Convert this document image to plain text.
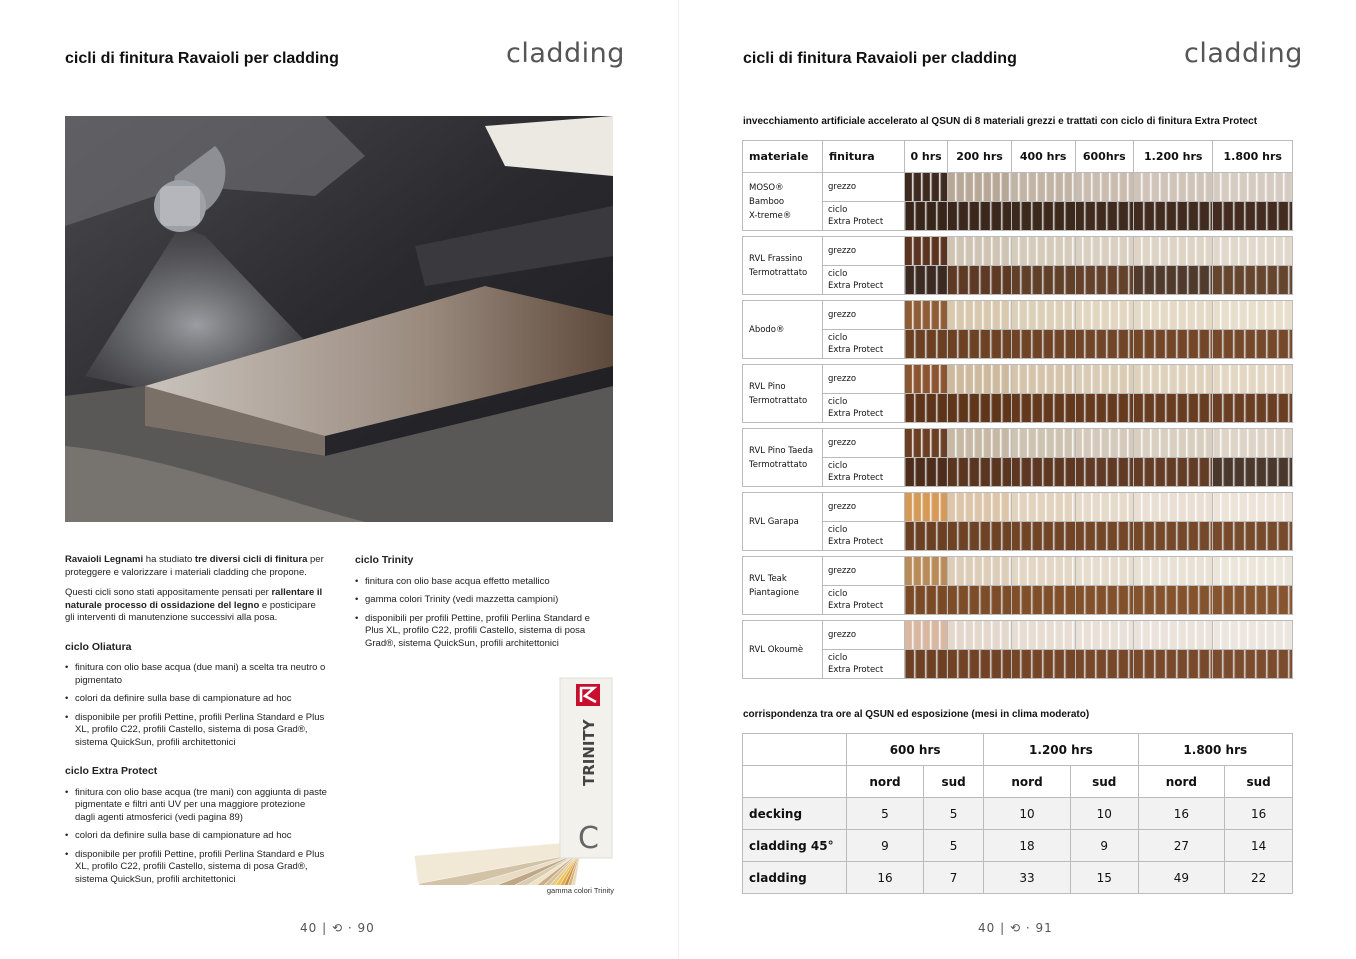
cicli di finitura Ravaioli per cladding	cladding

Ravaioli Legnami ha studiato tre diversi cicli di finitura per proteggere e valorizzare i materiali cladding che propone.

Questi cicli sono stati appositamente pensati per rallentare il naturale processo di ossidazione del legno e posticipare gli interventi di manutenzione successivi alla posa.

ciclo Oliatura
• finitura con olio base acqua (due mani) a scelta tra neutro o pigmentato
• colori da definire sulla base di campionature ad hoc
• disponibile per profili Pettine, profili Perlina Standard e Plus XL, profilo C22, profili Castello, sistema di posa Grad®, sistema QuickSun, profili architettonici
ciclo Extra Protect
• finitura con olio base acqua (tre mani) con aggiunta di paste pigmentate e filtri anti UV per una maggiore protezione dagli agenti atmosferici (vedi pagina 89)
• colori da definire sulla base di campionature ad hoc
• disponibile per profili Pettine, profili Perlina Standard e Plus XL, profilo C22, profili Castello, sistema di posa Grad®, sistema QuickSun, profili architettonici
ciclo Trinity
• finitura con olio base acqua effetto metallico
• gamma colori Trinity (vedi mazzetta campioni)
• disponibili per profili Pettine, profili Perlina Standard e Plus XL, profilo C22, profili Castello, sistema di posa Grad®, sistema QuickSun, profili architettonici
TRINITY
C
gamma colori Trinity
40 | ⟲ · 90
cicli di finitura Ravaioli per cladding	cladding
invecchiamento artificiale accelerato al QSUN di 8 materiali grezzi e trattati con ciclo di finitura Extra Protect
materiale	finitura	0 hrs	200 hrs	400 hrs	600hrs	1.200 hrs	1.800 hrs

MOSO®
Bamboo
X-treme®	grezzo						

	ciclo
Extra Protect						

RVL Frassino
Termotrattato	grezzo						

	ciclo
Extra Protect						

Abodo®	grezzo						

	ciclo
Extra Protect						

RVL Pino
Termotrattato	grezzo						

	ciclo
Extra Protect						

RVL Pino Taeda
Termotrattato	grezzo						

	ciclo
Extra Protect						

RVL Garapa	grezzo						

	ciclo
Extra Protect						

RVL Teak
Piantagione	grezzo						

	ciclo
Extra Protect						

RVL Okoumè	grezzo						

	ciclo
Extra Protect						

corrispondenza tra ore al QSUN ed esposizione (mesi in clima moderato)
	600 hrs		1.200 hrs		1.800 hrs	
	nord	sud	nord	sud	nord	sud
decking	5	5	10	10	16	16
cladding 45°	9	5	18	9	27	14
cladding	16	7	33	15	49	22
40 | ⟲ · 91
